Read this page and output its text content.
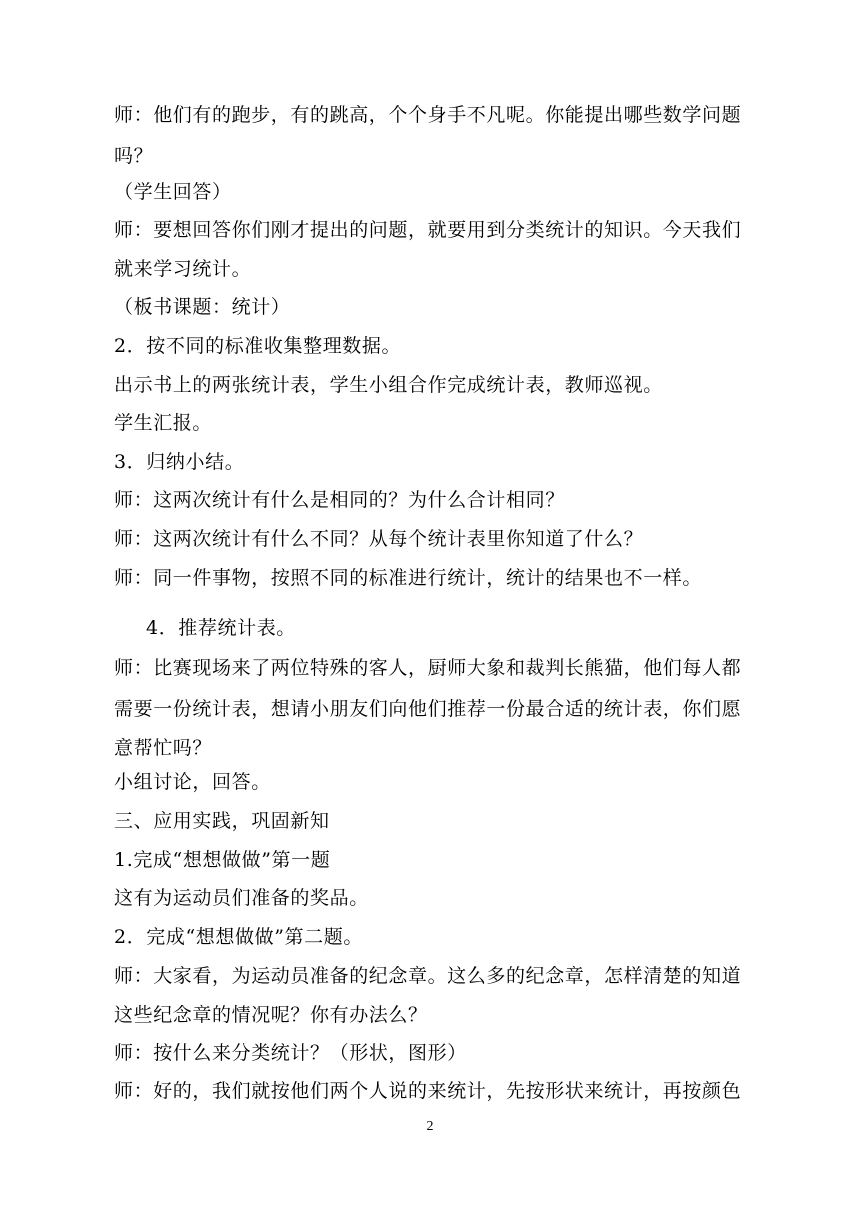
师：他们有的跑步，有的跳高，个个身手不凡呢。你能提出哪些数学问题
吗？
（学生回答）
师：要想回答你们刚才提出的问题，就要用到分类统计的知识。今天我们
就来学习统计。
（板书课题：统计）
2．按不同的标准收集整理数据。
出示书上的两张统计表，学生小组合作完成统计表，教师巡视。
学生汇报。
3．归纳小结。
师：这两次统计有什么是相同的？为什么合计相同？
师：这两次统计有什么不同？从每个统计表里你知道了什么？
师：同一件事物，按照不同的标准进行统计，统计的结果也不一样。
4．推荐统计表。
师：比赛现场来了两位特殊的客人，厨师大象和裁判长熊猫，他们每人都
需要一份统计表，想请小朋友们向他们推荐一份最合适的统计表，你们愿
意帮忙吗？
小组讨论，回答。
三、应用实践，巩固新知
1.完成“想想做做”第一题
这有为运动员们准备的奖品。
2．完成“想想做做”第二题。
师：大家看，为运动员准备的纪念章。这么多的纪念章，怎样清楚的知道
这些纪念章的情况呢？你有办法么？
师：按什么来分类统计？（形状，图形）
师：好的，我们就按他们两个人说的来统计，先按形状来统计，再按颜色
2
